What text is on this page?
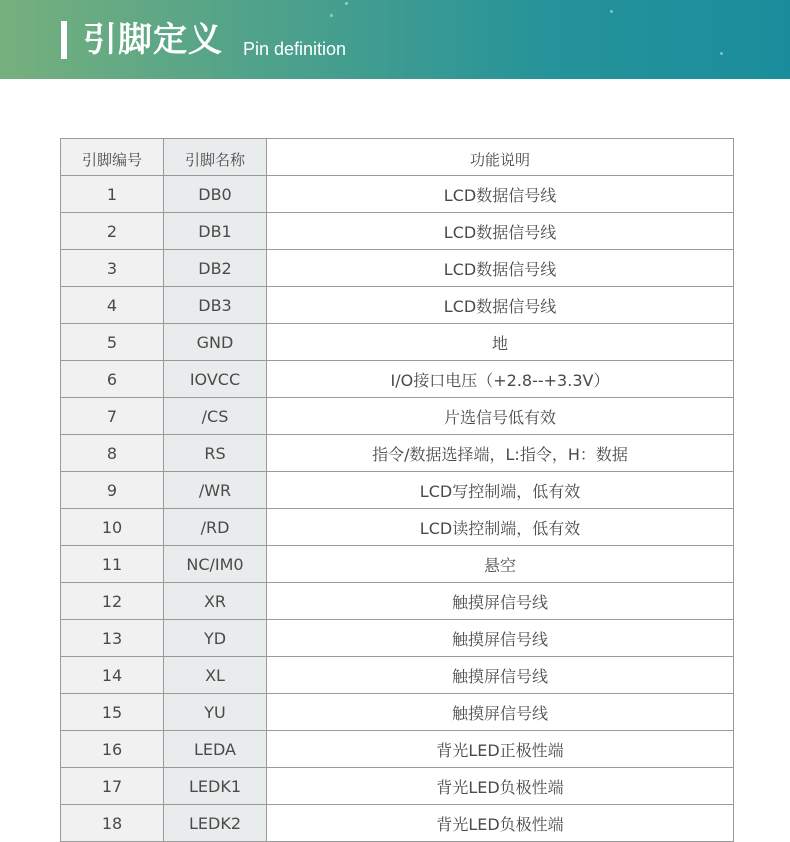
引脚定义 Pin definition
引脚编号	引脚名称	功能说明
1	DB0	LCD数据信号线
2	DB1	LCD数据信号线
3	DB2	LCD数据信号线
4	DB3	LCD数据信号线
5	GND	地
6	IOVCC	I/O接口电压（+2.8--+3.3V）
7	/CS	片选信号低有效
8	RS	指令/数据选择端，L:指令，H：数据
9	/WR	LCD写控制端，低有效
10	/RD	LCD读控制端，低有效
11	NC/IM0	悬空
12	XR	触摸屏信号线
13	YD	触摸屏信号线
14	XL	触摸屏信号线
15	YU	触摸屏信号线
16	LEDA	背光LED正极性端
17	LEDK1	背光LED负极性端
18	LEDK2	背光LED负极性端
